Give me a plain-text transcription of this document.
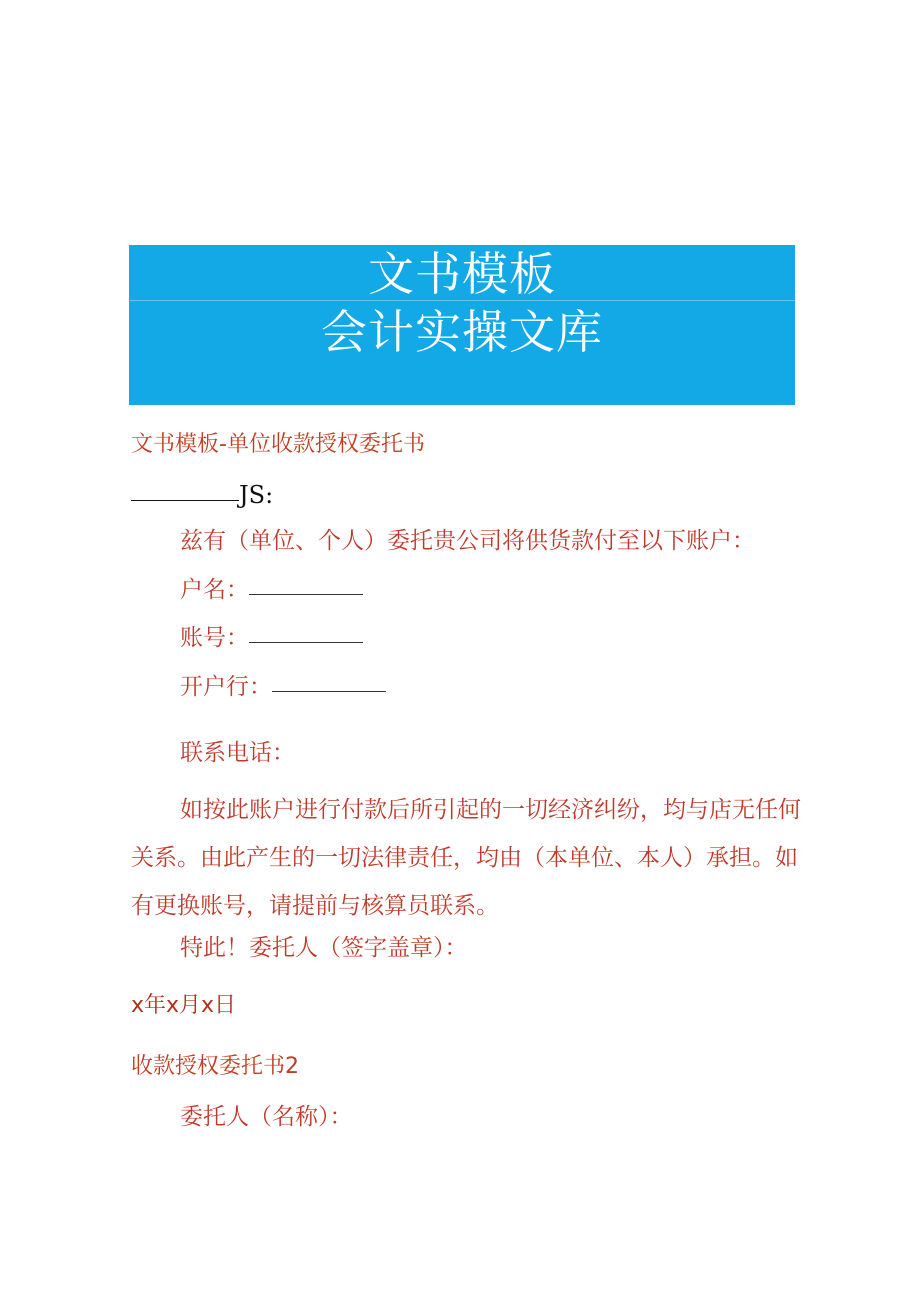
文书模板
会计实操文库
文书模板-单位收款授权委托书
JS:
兹有（单位、个人）委托贵公司将供货款付至以下账户：
户名：
账号：
开户行：
联系电话：
如按此账户进行付款后所引起的一切经济纠纷，均与店无任何关系。由此产生的一切法律责任，均由（本单位、本人）承担。如有更换账号，请提前与核算员联系。
特此！委托人（签字盖章）：
x年x月x日
收款授权委托书2
委托人（名称）：
